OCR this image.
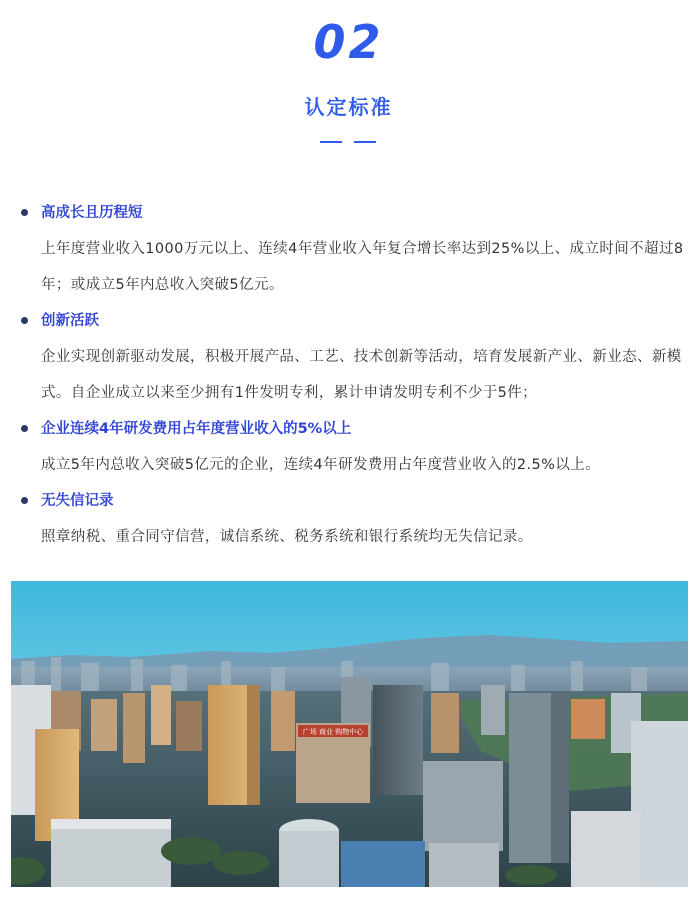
02
认定标准
高成长且历程短
上年度营业收入1000万元以上、连续4年营业收入年复合增长率达到25%以上、成立时间不超过8年；或成立5年内总收入突破5亿元。
创新活跃
企业实现创新驱动发展，积极开展产品、工艺、技术创新等活动，培育发展新产业、新业态、新模式。自企业成立以来至少拥有1件发明专利，累计申请发明专利不少于5件；
企业连续4年研发费用占年度营业收入的5%以上
成立5年内总收入突破5亿元的企业，连续4年研发费用占年度营业收入的2.5%以上。
无失信记录
照章纳税、重合同守信营，诚信系统、税务系统和银行系统均无失信记录。
广场 商业 购物中心
